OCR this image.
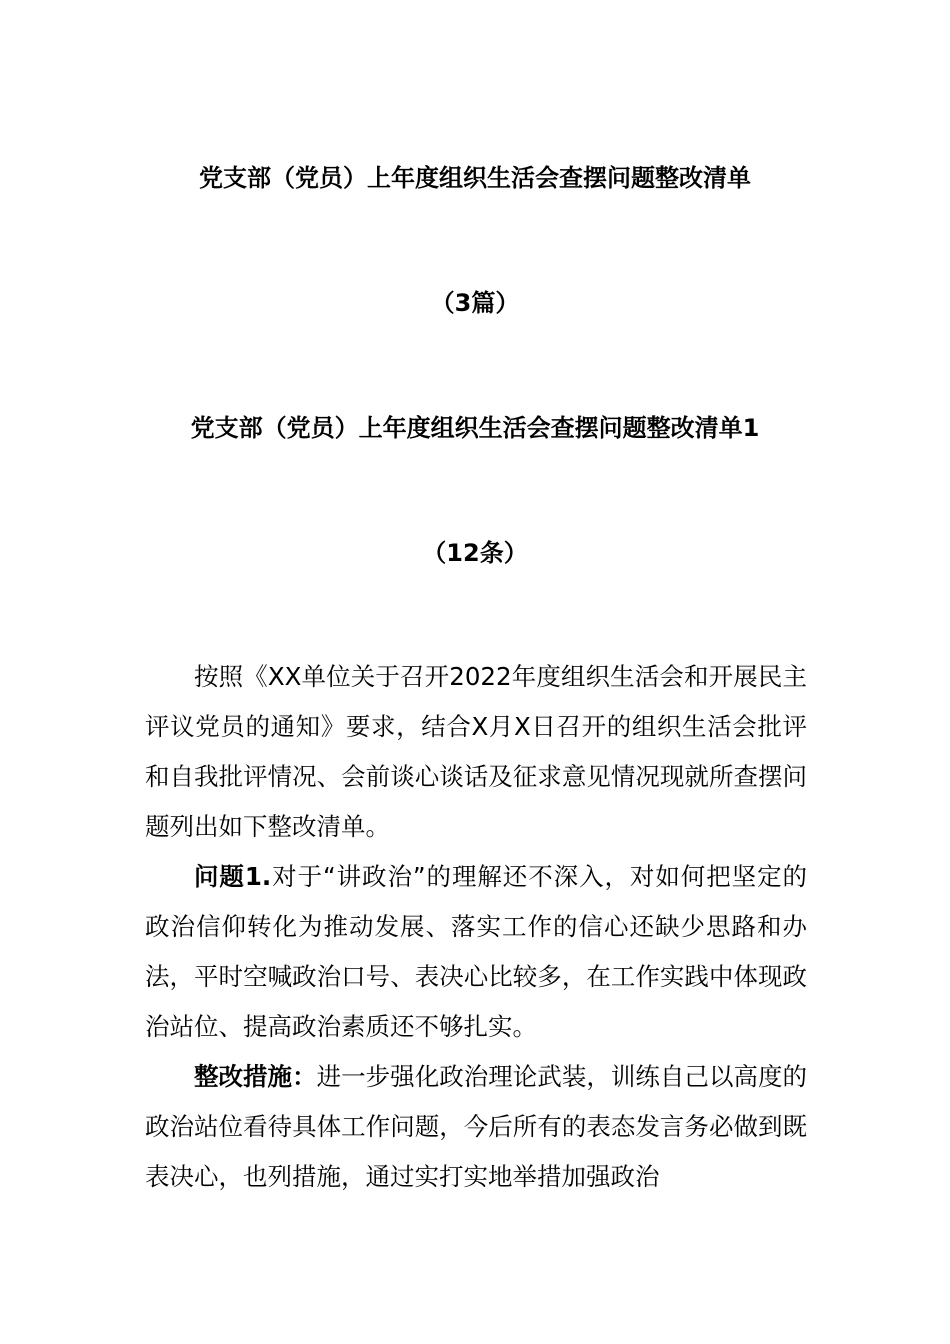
党支部（党员）上年度组织生活会查摆问题整改清单
（3篇）
党支部（党员）上年度组织生活会查摆问题整改清单1
（12条）

按照《XX单位关于召开2022年度组织生活会和开展民主评议党员的通知》要求，结合X月X日召开的组织生活会批评和自我批评情况、会前谈心谈话及征求意见情况现就所查摆问题列出如下整改清单。

问题1.对于“讲政治”的理解还不深入，对如何把坚定的政治信仰转化为推动发展、落实工作的信心还缺少思路和办法，平时空喊政治口号、表决心比较多，在工作实践中体现政治站位、提高政治素质还不够扎实。

整改措施：进一步强化政治理论武装，训练自己以高度的政治站位看待具体工作问题，今后所有的表态发言务必做到既表决心，也列措施，通过实打实地举措加强政治
